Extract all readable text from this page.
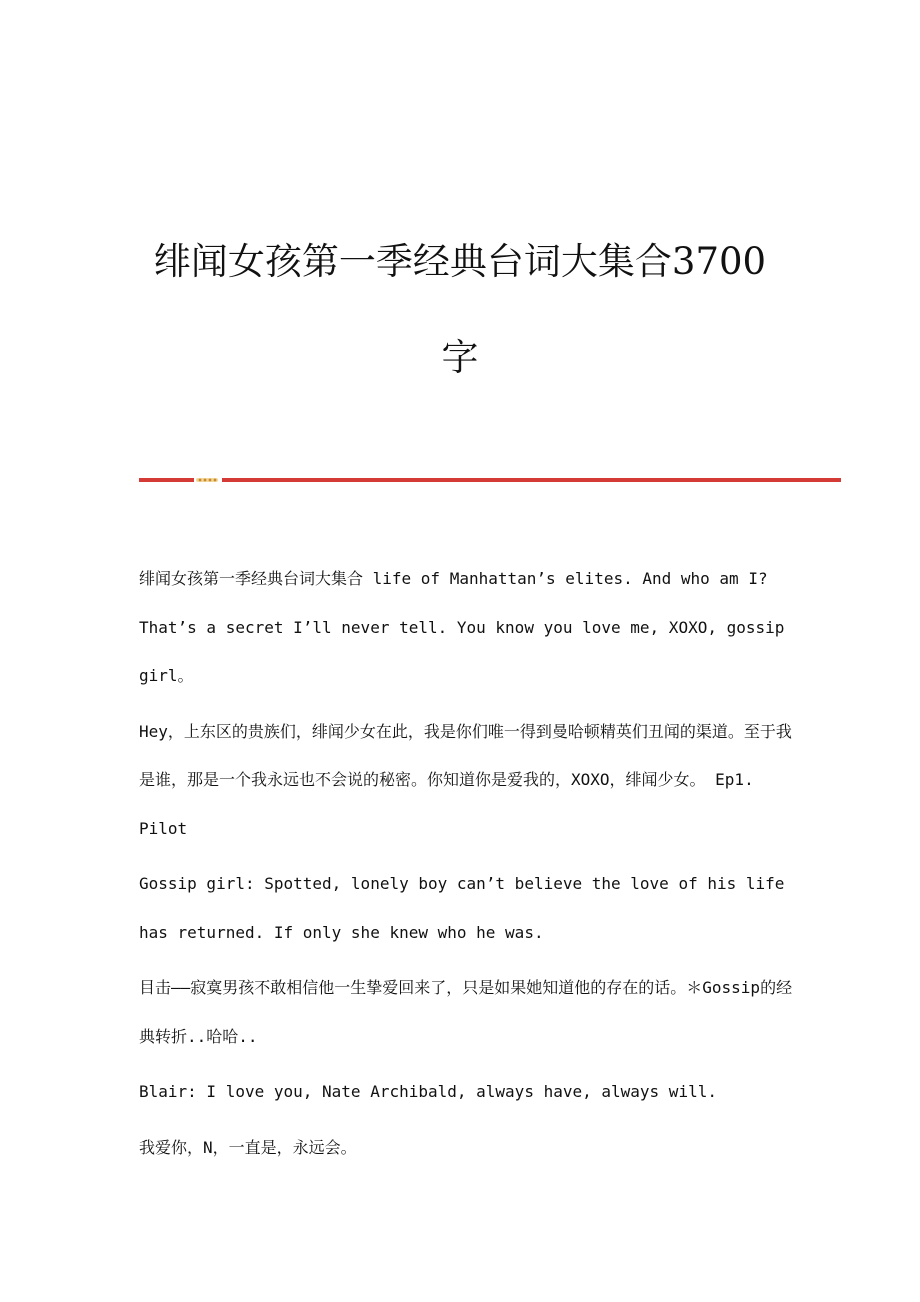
绯闻女孩第一季经典台词大集合3700
字

绯闻女孩第一季经典台词大集合 life of Manhattan’s elites. And who am I? That’s a secret I’ll never tell. You know you love me, XOXO, gossip girl。

Hey，上东区的贵族们，绯闻少女在此，我是你们唯一得到曼哈顿精英们丑闻的渠道。至于我是谁，那是一个我永远也不会说的秘密。你知道你是爱我的，XOXO，绯闻少女。 Ep1. Pilot

Gossip girl: Spotted, lonely boy can’t believe the love of his life has returned. If only she knew who he was.

目击——寂寞男孩不敢相信他一生挚爱回来了，只是如果她知道他的存在的话。＊Gossip的经典转折..哈哈..

Blair: I love you, Nate Archibald, always have, always will.

我爱你，N，一直是，永远会。
